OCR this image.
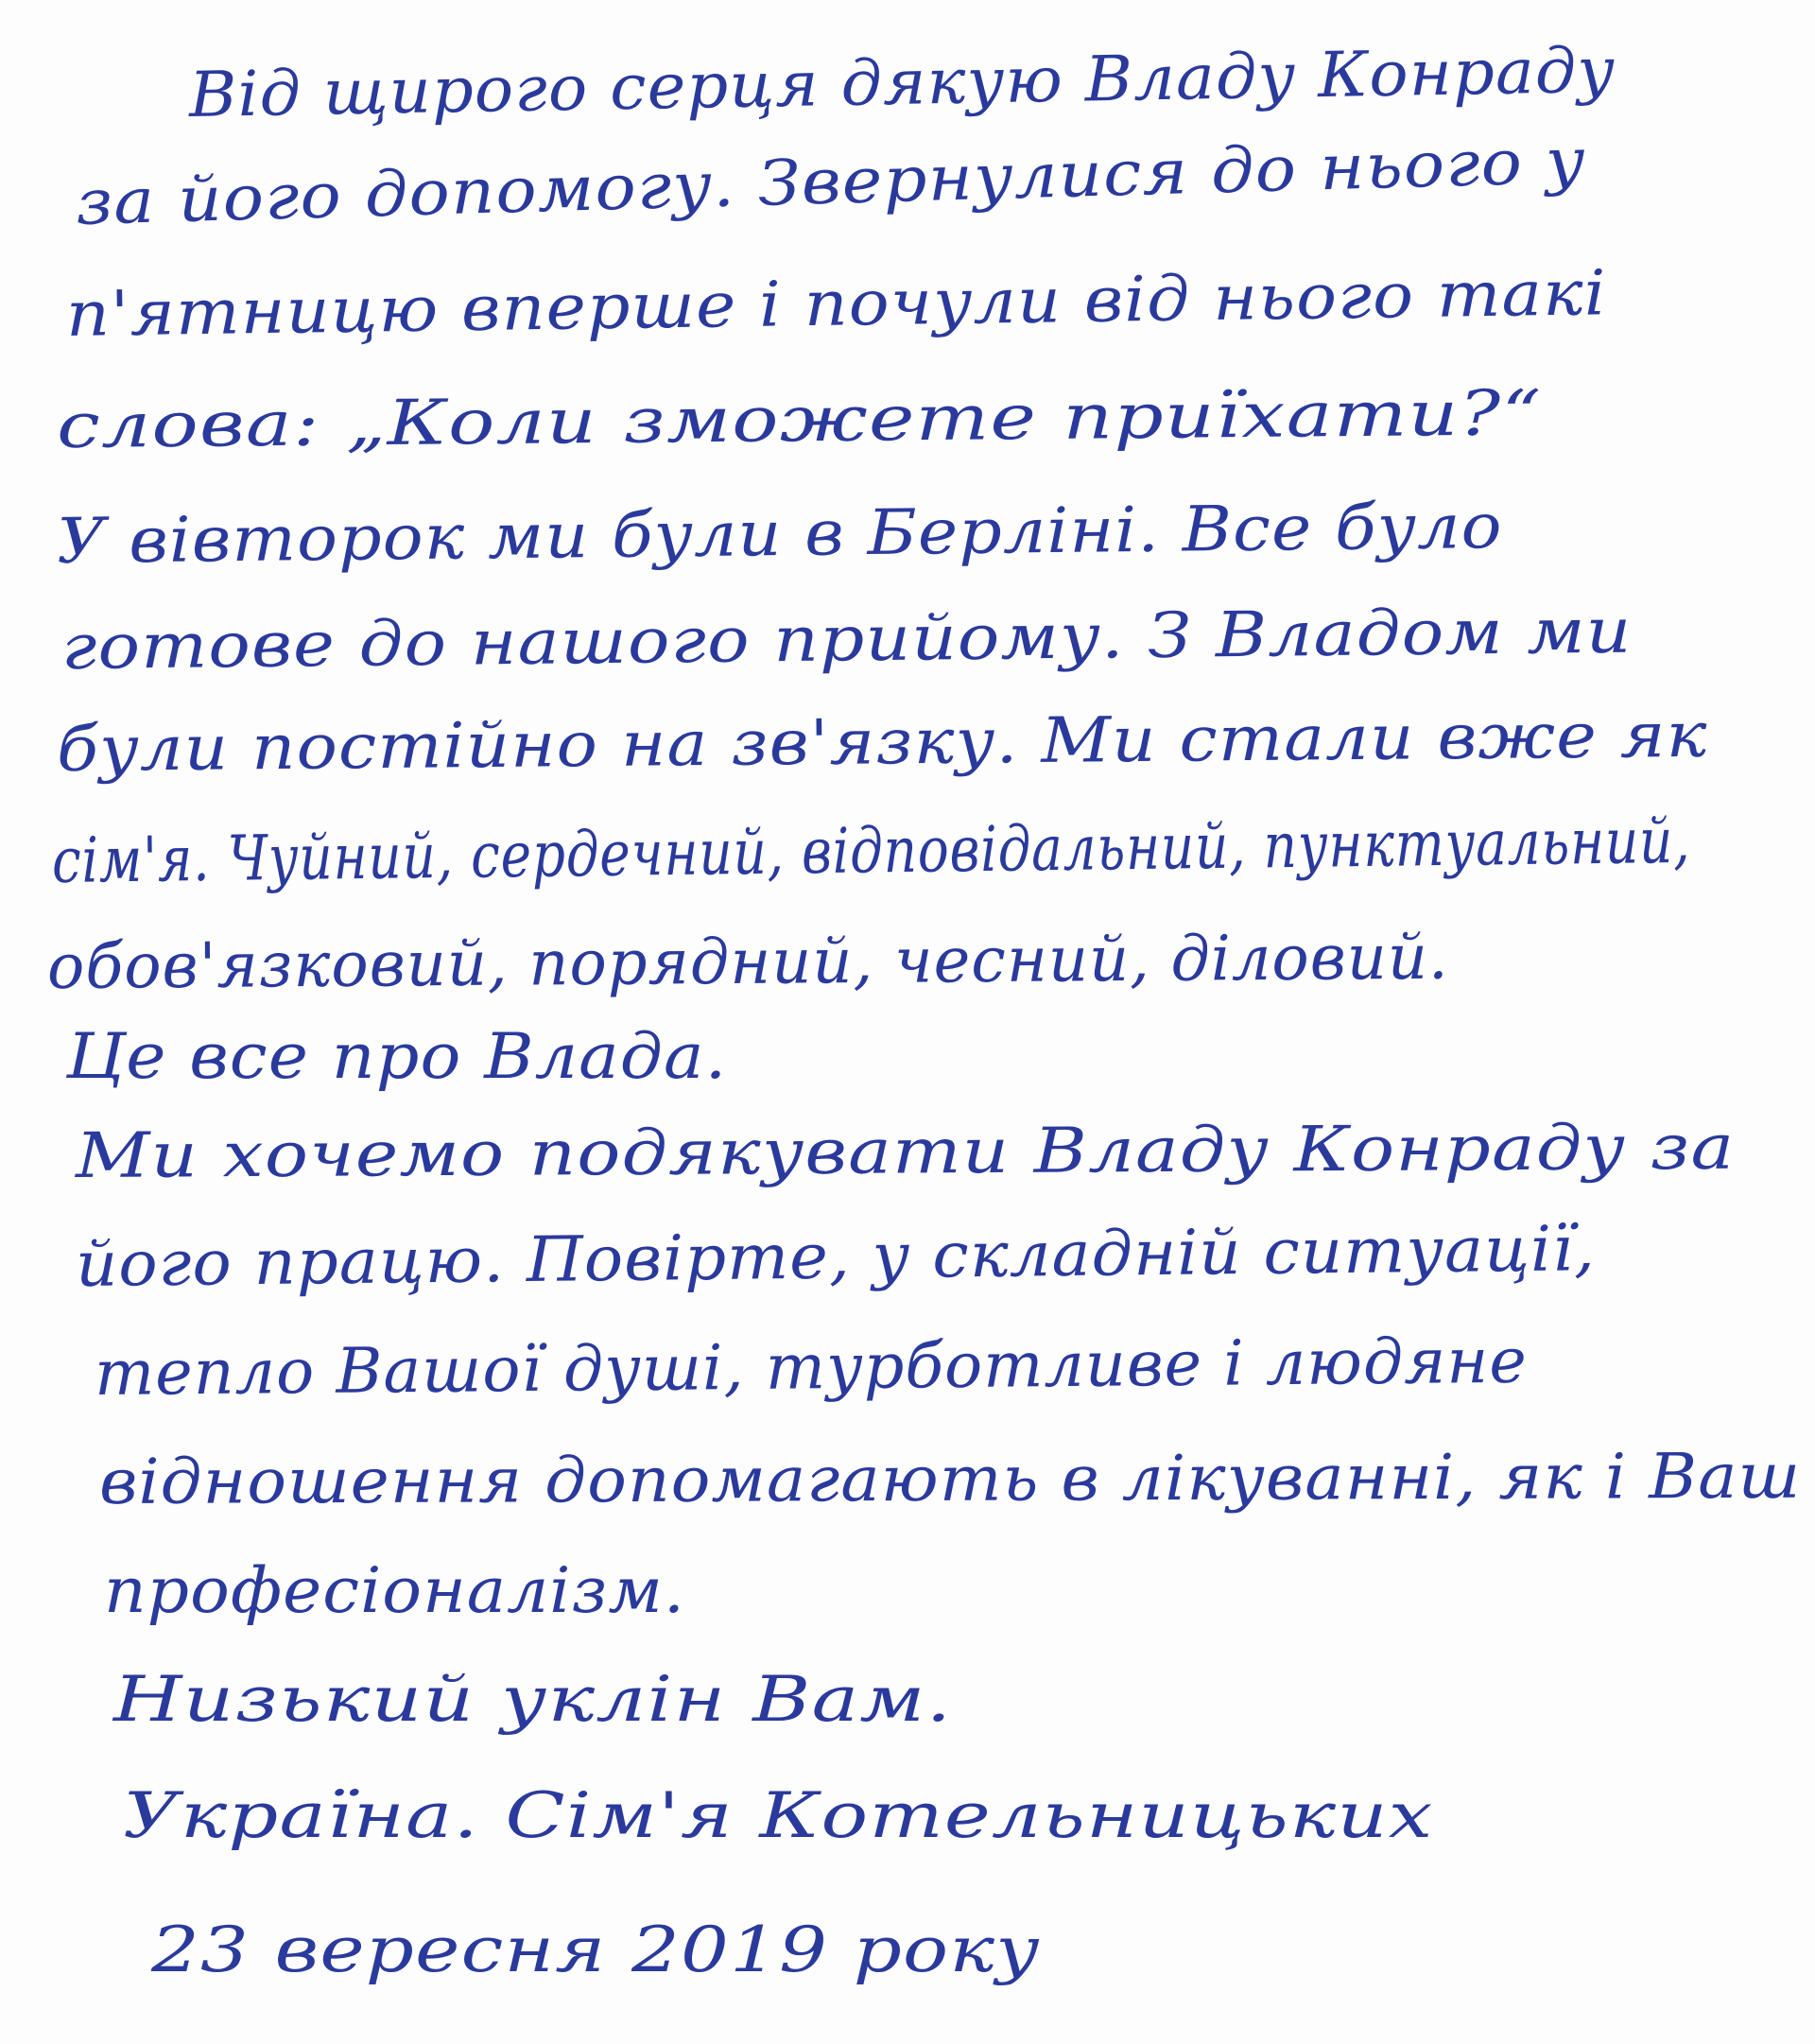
Від щирого серця дякую Владу Конраду
за його допомогу. Звернулися до нього у
п'ятницю вперше і почули від нього такі
слова: „Коли зможете приїхати?“
У вівторок ми були в Берліні. Все було
готове до нашого прийому. З Владом ми
були постійно на зв'язку. Ми стали вже як
сім'я. Чуйний, сердечний, відповідальний, пунктуальний,
обов'язковий, порядний, чесний, діловий.
Це все про Влада.
Ми хочемо подякувати Владу Конраду за
його працю. Повірте, у складній ситуації,
тепло Вашої душі, турботливе і людяне
відношення допомагають в лікуванні, як і Ваш
професіоналізм.
Низький уклін Вам.
Україна. Сім'я Котельницьких
23 вересня 2019 року
